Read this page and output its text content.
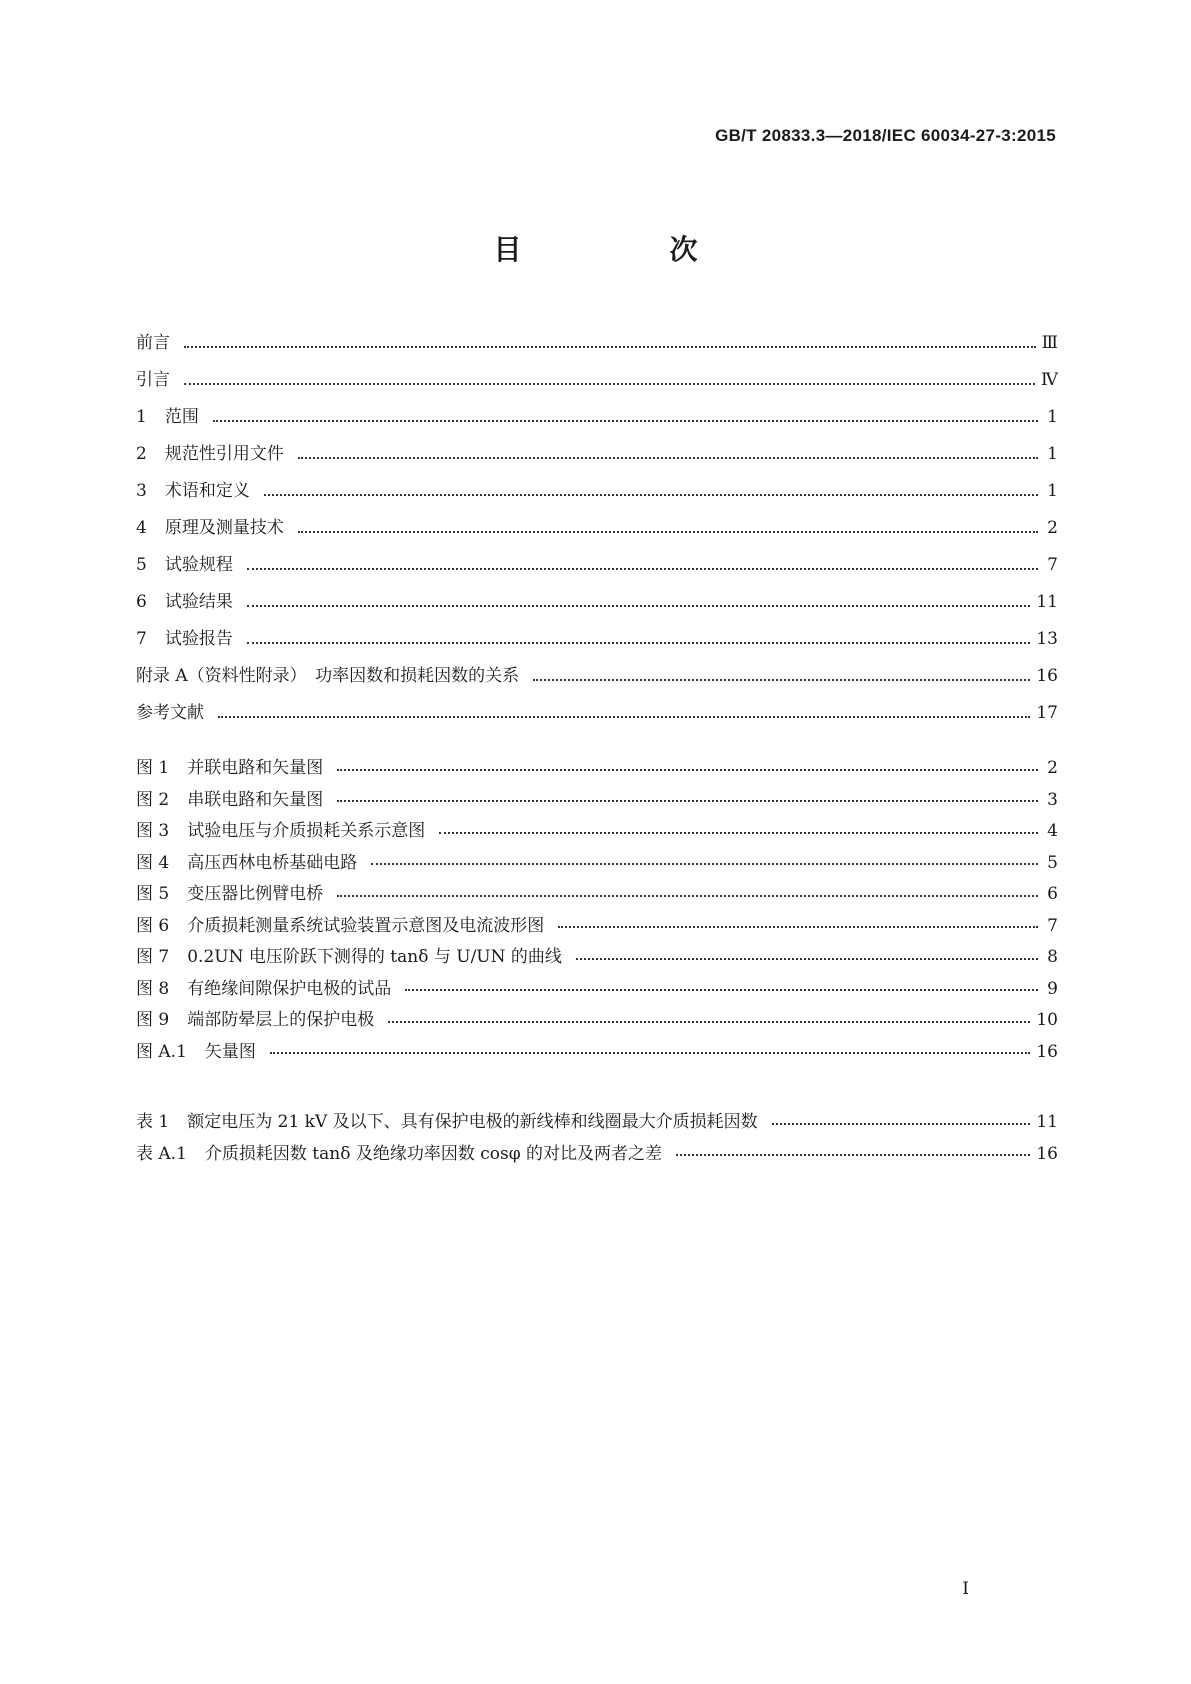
GB/T 20833.3—2018/IEC 60034-27-3:2015
目　次
前言	Ⅲ
引言	Ⅳ
1	范围	1
2	规范性引用文件	1
3	术语和定义	1
4	原理及测量技术	2
5	试验规程	7
6	试验结果	11
7	试验报告	13
附录 A（资料性附录）　功率因数和损耗因数的关系	16
参考文献	17
图 1	并联电路和矢量图	2
图 2	串联电路和矢量图	3
图 3	试验电压与介质损耗关系示意图	4
图 4	高压西林电桥基础电路	5
图 5	变压器比例臂电桥	6
图 6	介质损耗测量系统试验装置示意图及电流波形图	7
图 7	0.2UN 电压阶跃下测得的 tanδ 与 U/UN 的曲线	8
图 8	有绝缘间隙保护电极的试品	9
图 9	端部防晕层上的保护电极	10
图 A.1	矢量图	16
表 1	额定电压为 21 kV 及以下、具有保护电极的新线棒和线圈最大介质损耗因数	11
表 A.1	介质损耗因数 tanδ 及绝缘功率因数 cosφ 的对比及两者之差	16
I
